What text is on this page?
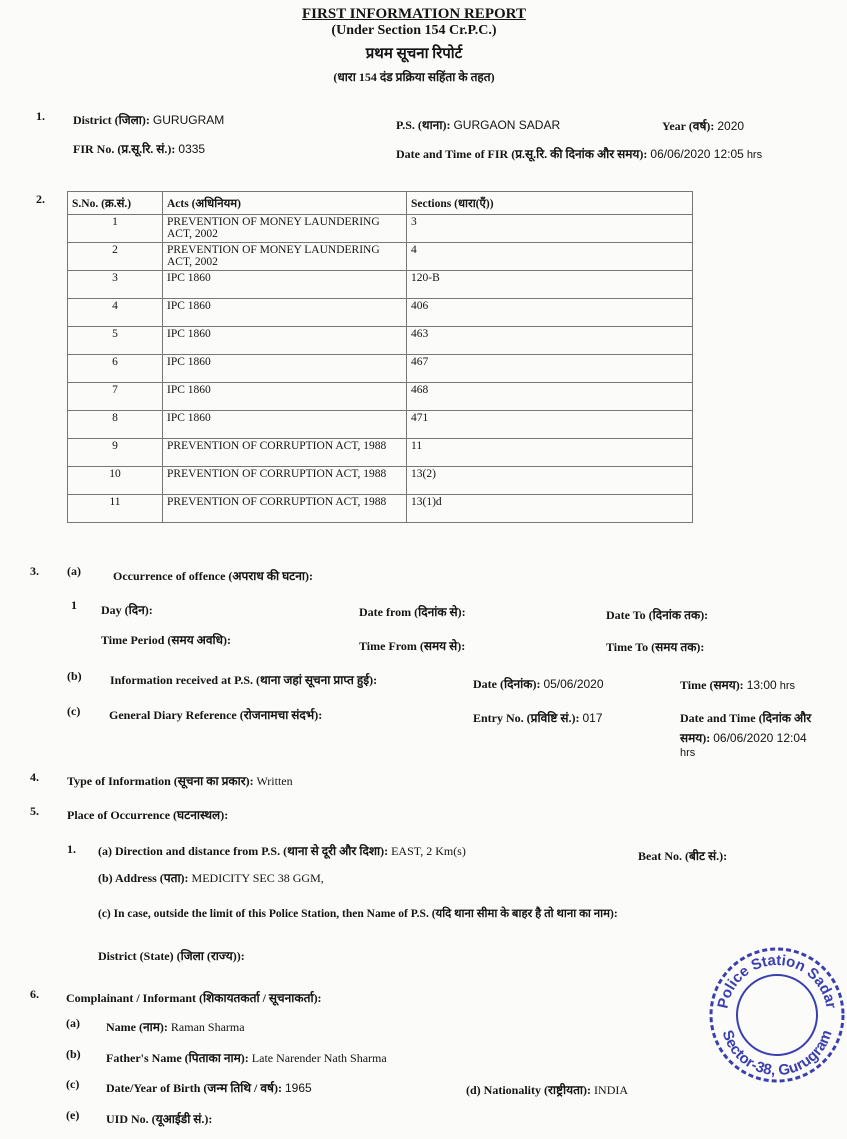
FIRST INFORMATION REPORT
(Under Section 154 Cr.P.C.)
प्रथम सूचना रिपोर्ट
(धारा 154 दंड प्रक्रिया सहिंता के तहत)
1. District (जिला): GURUGRAM	P.S. (थाना): GURGAON SADAR	Year (वर्ष): 2020
FIR No. (प्र.सू.रि. सं.): 0335	Date and Time of FIR (प्र.सू.रि. की दिनांक और समय): 06/06/2020 12:05 hrs
2. S.No. (क्र.सं.)	Acts (अधिनियम)	Sections (धारा(एँ))
1	PREVENTION OF MONEY LAUNDERING ACT, 2002	3
2	PREVENTION OF MONEY LAUNDERING ACT, 2002	4
3	IPC 1860	120-B
4	IPC 1860	406
5	IPC 1860	463
6	IPC 1860	467
7	IPC 1860	468
8	IPC 1860	471
9	PREVENTION OF CORRUPTION ACT, 1988	11
10	PREVENTION OF CORRUPTION ACT, 1988	13(2)
11	PREVENTION OF CORRUPTION ACT, 1988	13(1)d
3. (a)	Occurrence of offence (अपराध की घटना):
1 Day (दिन):	Date from (दिनांक से):	Date To (दिनांक तक):
Time Period (समय अवधि):	Time From (समय से):	Time To (समय तक):
(b) Information received at P.S. (थाना जहां सूचना प्राप्त हुई):	Date (दिनांक): 05/06/2020	Time (समय): 13:00 hrs
(c) General Diary Reference (रोजनामचा संदर्भ):	Entry No. (प्रविष्टि सं.): 017	Date and Time (दिनांक और
समय): 06/06/2020 12:04
hrs
4. Type of Information (सूचना का प्रकार): Written
5. Place of Occurrence (घटनास्थल):
1. (a) Direction and distance from P.S. (थाना से दूरी और दिशा): EAST, 2 Km(s)	Beat No. (बीट सं.):
(b) Address (पता): MEDICITY SEC 38 GGM,
(c) In case, outside the limit of this Police Station, then Name of P.S. (यदि थाना सीमा के बाहर है तो थाना का नाम):
District (State) (जिला (राज्य)):
6. Complainant / Informant (शिकायतकर्ता / सूचनाकर्ता):
(a) Name (नाम): Raman Sharma
(b) Father's Name (पिताका नाम): Late Narender Nath Sharma
(c) Date/Year of Birth (जन्म तिथि / वर्ष): 1965	(d) Nationality (राष्ट्रीयता): INDIA
(e) UID No. (यूआईडी सं.):
Police Station Sadar
Sector-38, Gurugram
